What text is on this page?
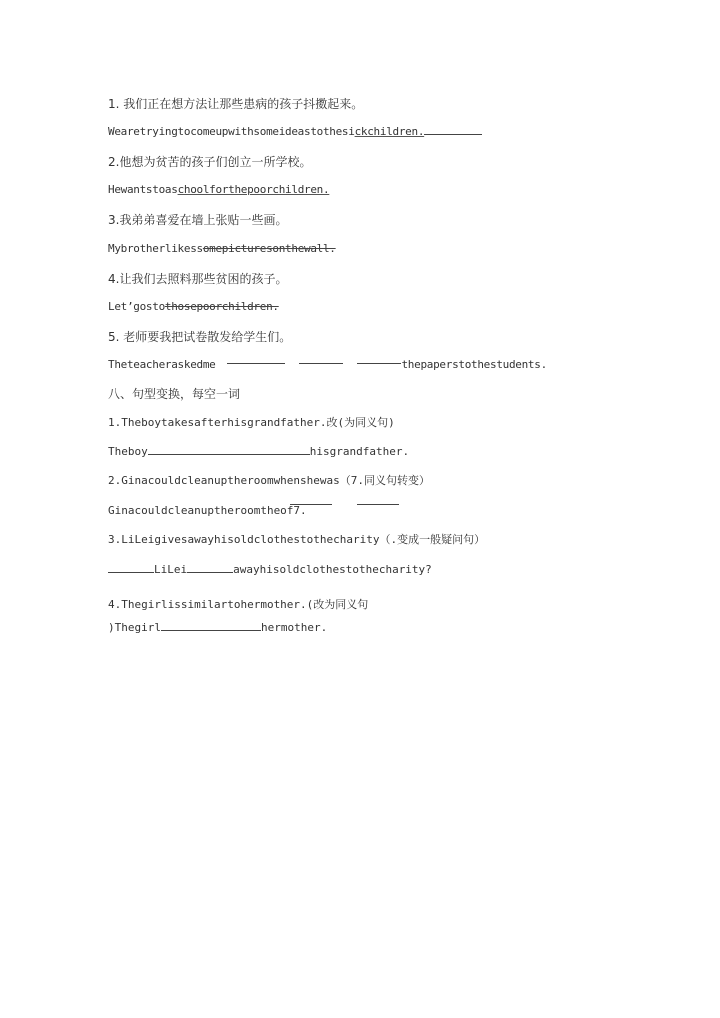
1. 我们正在想方法让那些患病的孩子抖擞起来。
Wearetryingtocomeupwithsomeideastothesickchildren.
2.他想为贫苦的孩子们创立一所学校。
Hewantstoaschoolforthepoorchildren.
3.我弟弟喜爱在墙上张贴一些画。
Mybrotherlikessomepicturesonthewall.
4.让我们去照料那些贫困的孩子。
Let’gostothosepoorchildren.
5. 老师要我把试卷散发给学生们。
Theteacheraskedme	thepaperstothestudents.
八、句型变换，每空一词
1.Theboytakesafterhisgrandfather.改(为同义句)
Theboy	hisgrandfather.
2.Ginacouldcleanuptheroomwhenshewas（7.同义句转变）
Ginacouldcleanuptheroomtheof7.
3.LiLeigivesawayhisoldclothestothecharity（.变成一般疑问句）
LiLei	awayhisoldclothestothecharity?
4.Thegirlissimilartohermother.(改为同义句
)Thegirl	hermother.
